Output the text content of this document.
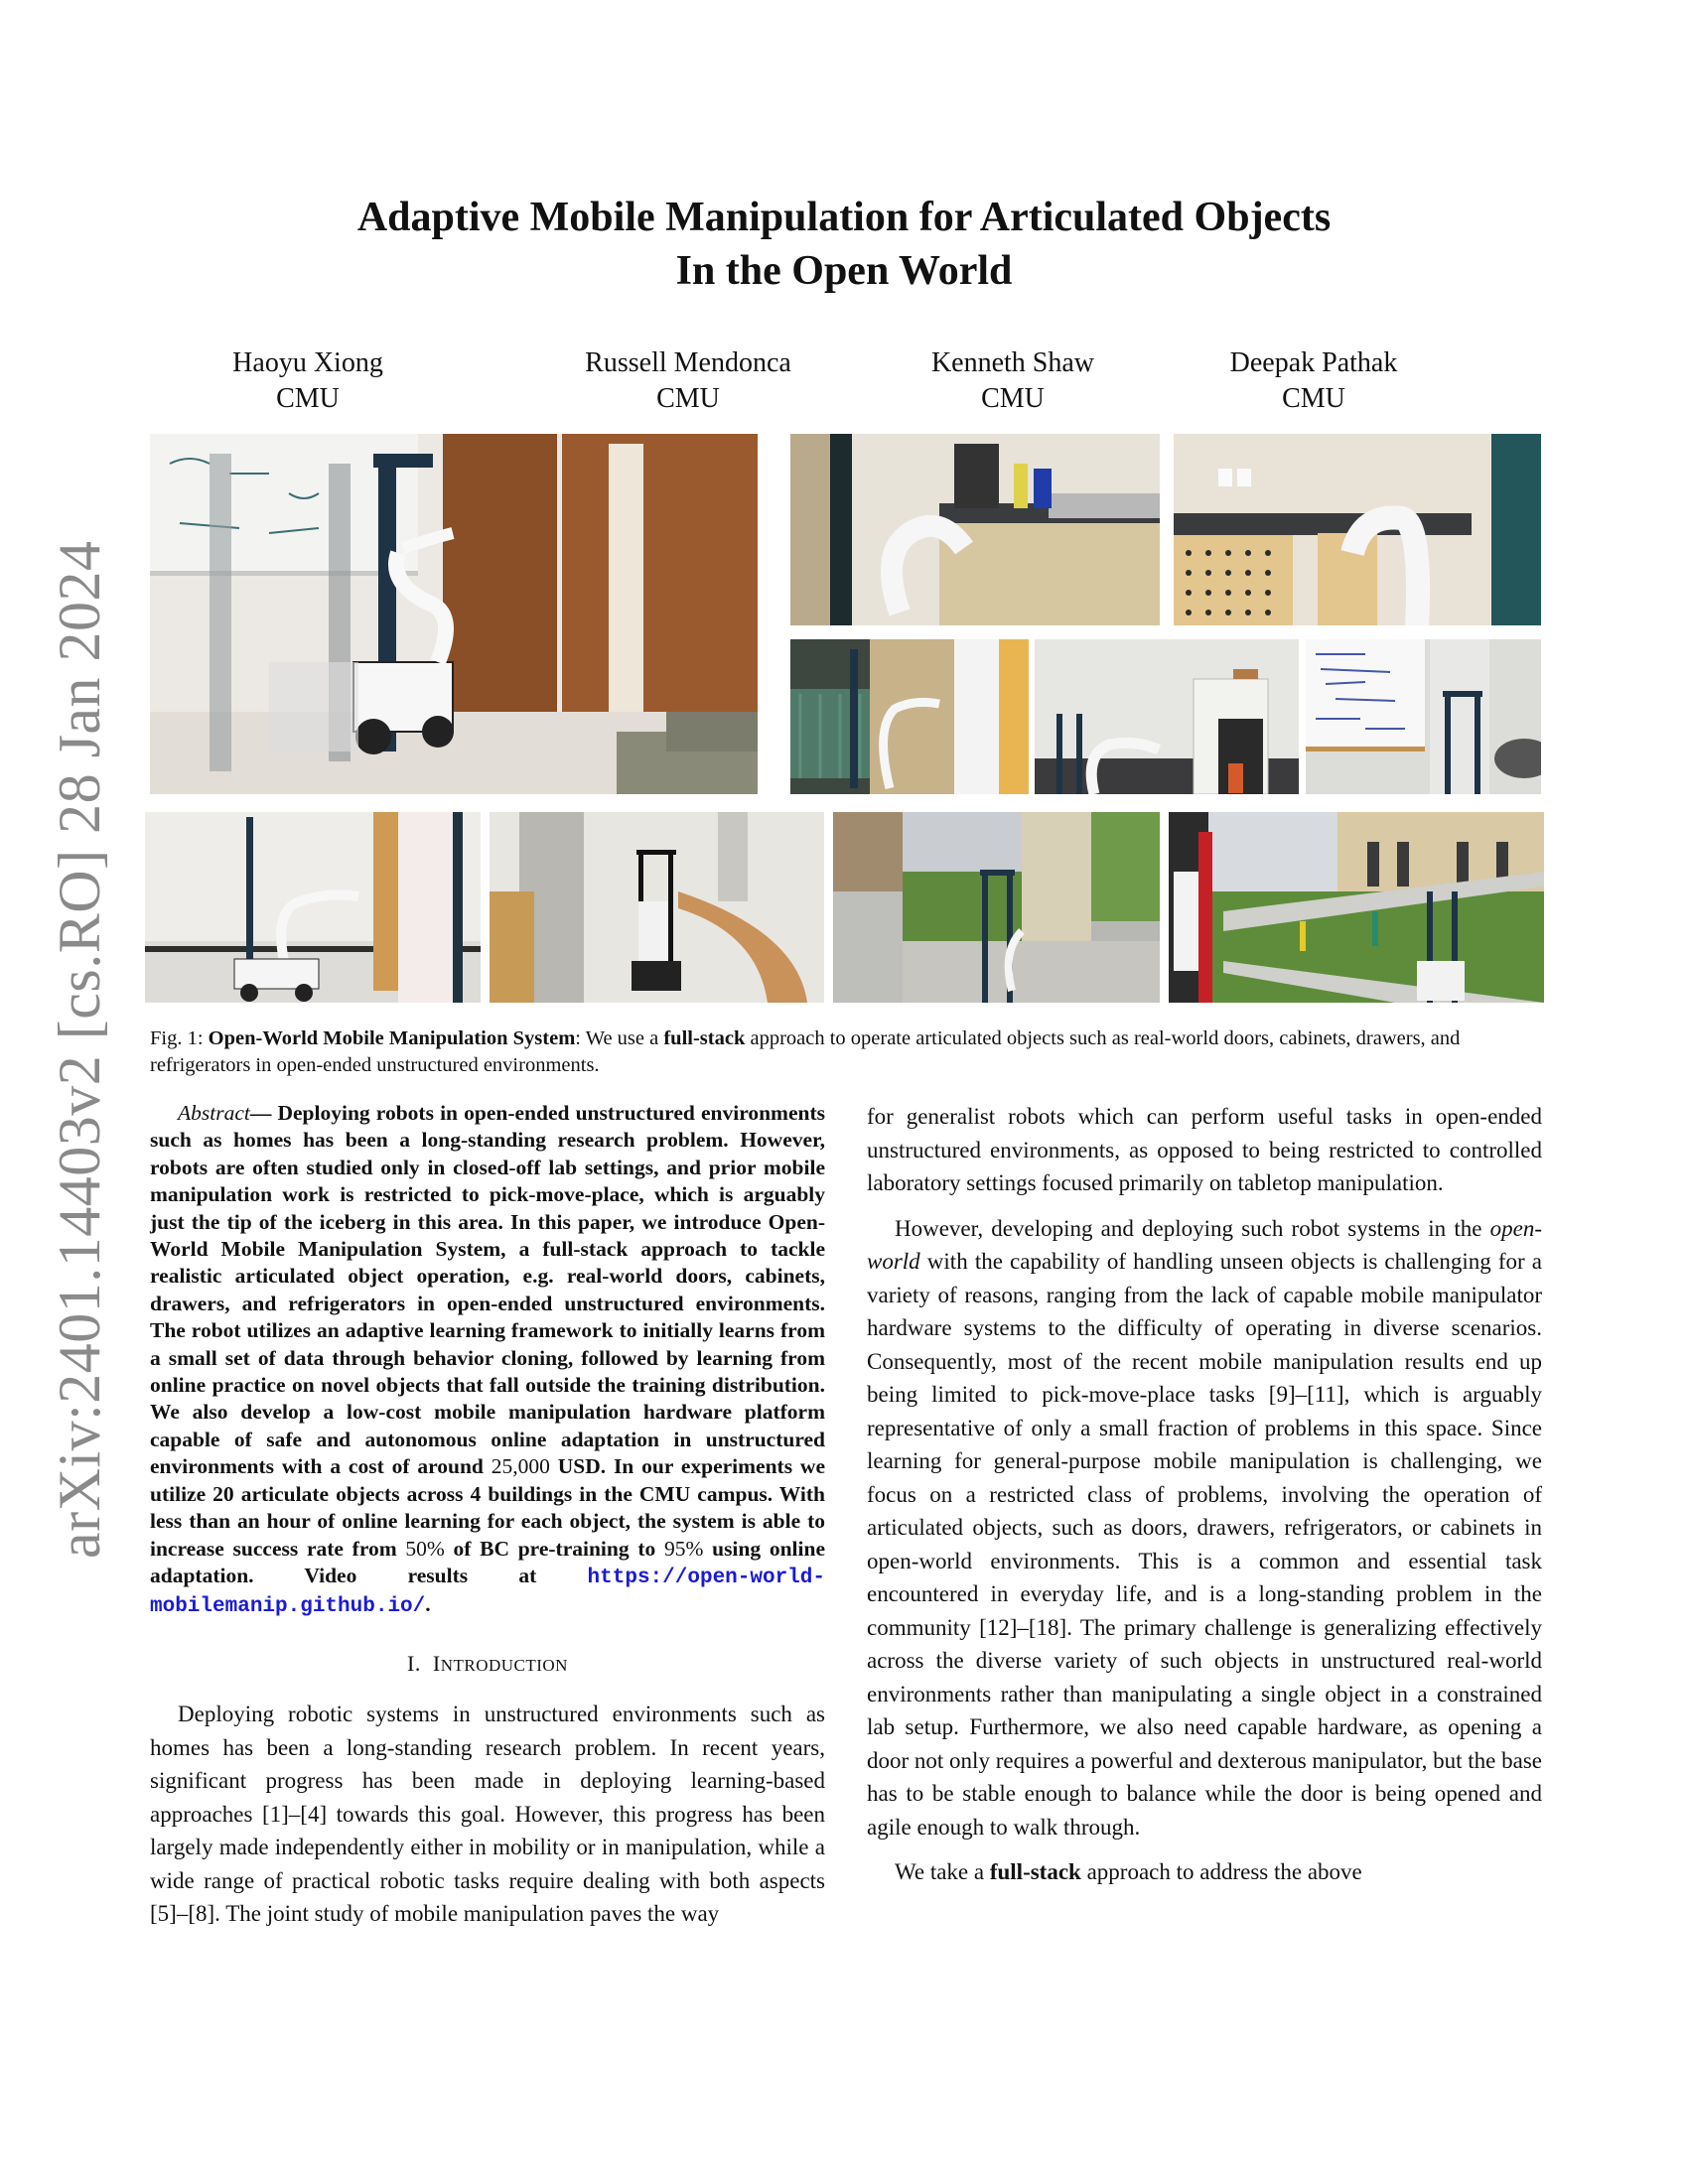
arXiv:2401.14403v2 [cs.RO] 28 Jan 2024
Adaptive Mobile Manipulation for Articulated Objects
In the Open World
Haoyu Xiong
CMU
Russell Mendonca
CMU
Kenneth Shaw
CMU
Deepak Pathak
CMU
Fig. 1: Open-World Mobile Manipulation System: We use a full-stack approach to operate articulated objects such as real-world doors, cabinets, drawers, and refrigerators in open-ended unstructured environments.

Abstract— Deploying robots in open-ended unstructured environments such as homes has been a long-standing research problem. However, robots are often studied only in closed-off lab settings, and prior mobile manipulation work is restricted to pick-move-place, which is arguably just the tip of the iceberg in this area. In this paper, we introduce Open-World Mobile Manipulation System, a full-stack approach to tackle realistic articulated object operation, e.g. real-world doors, cabinets, drawers, and refrigerators in open-ended unstructured environments. The robot utilizes an adaptive learning framework to initially learns from a small set of data through behavior cloning, followed by learning from online practice on novel objects that fall outside the training distribution. We also develop a low-cost mobile manipulation hardware platform capable of safe and autonomous online adaptation in unstructured environments with a cost of around 25,000 USD. In our experiments we utilize 20 articulate objects across 4 buildings in the CMU campus. With less than an hour of online learning for each object, the system is able to increase success rate from 50% of BC pre-training to 95% using online adaptation. Video results at https://open-world-mobilemanip.github.io/.

I. INTRODUCTION

Deploying robotic systems in unstructured environments such as homes has been a long-standing research problem. In recent years, significant progress has been made in deploying learning-based approaches [1]–[4] towards this goal. However, this progress has been largely made independently either in mobility or in manipulation, while a wide range of practical robotic tasks require dealing with both aspects [5]–[8]. The joint study of mobile manipulation paves the way

for generalist robots which can perform useful tasks in open-ended unstructured environments, as opposed to being restricted to controlled laboratory settings focused primarily on tabletop manipulation.

However, developing and deploying such robot systems in the open-world with the capability of handling unseen objects is challenging for a variety of reasons, ranging from the lack of capable mobile manipulator hardware systems to the difficulty of operating in diverse scenarios. Consequently, most of the recent mobile manipulation results end up being limited to pick-move-place tasks [9]–[11], which is arguably representative of only a small fraction of problems in this space. Since learning for general-purpose mobile manipulation is challenging, we focus on a restricted class of problems, involving the operation of articulated objects, such as doors, drawers, refrigerators, or cabinets in open-world environments. This is a common and essential task encountered in everyday life, and is a long-standing problem in the community [12]–[18]. The primary challenge is generalizing effectively across the diverse variety of such objects in unstructured real-world environments rather than manipulating a single object in a constrained lab setup. Furthermore, we also need capable hardware, as opening a door not only requires a powerful and dexterous manipulator, but the base has to be stable enough to balance while the door is being opened and agile enough to walk through.

We take a full-stack approach to address the above
